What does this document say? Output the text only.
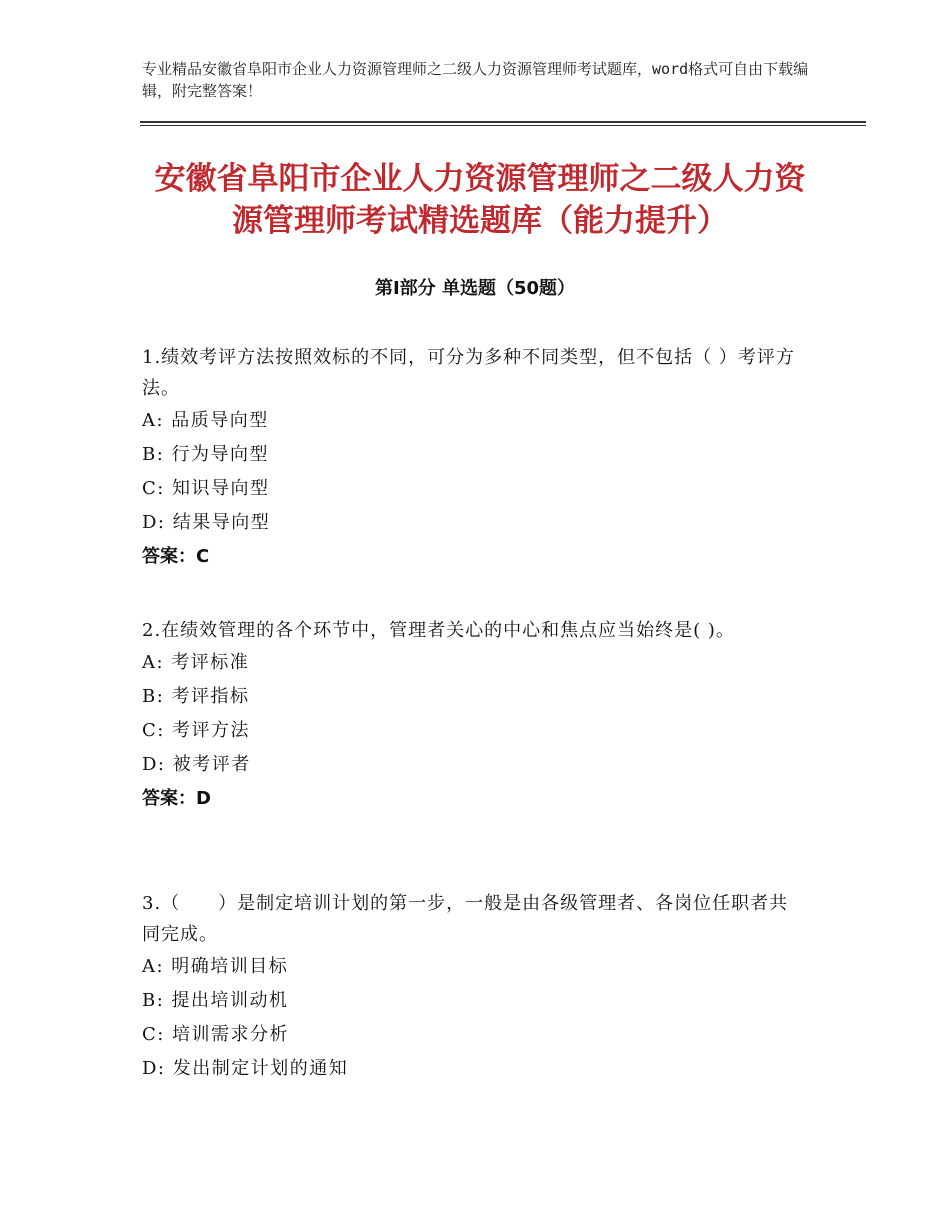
专业精品安徽省阜阳市企业人力资源管理师之二级人力资源管理师考试题库，word格式可自由下载编辑，附完整答案！
安徽省阜阳市企业人力资源管理师之二级人力资源管理师考试精选题库（能力提升）
第Ⅰ部分 单选题（50题）
1.绩效考评方法按照效标的不同，可分为多种不同类型，但不包括（ ）考评方法。
A: 品质导向型
B: 行为导向型
C: 知识导向型
D: 结果导向型
答案：C
2.在绩效管理的各个环节中，管理者关心的中心和焦点应当始终是( )。
A: 考评标准
B: 考评指标
C: 考评方法
D: 被考评者
答案：D
3.（　　）是制定培训计划的第一步，一般是由各级管理者、各岗位任职者共同完成。
A: 明确培训目标
B: 提出培训动机
C: 培训需求分析
D: 发出制定计划的通知
